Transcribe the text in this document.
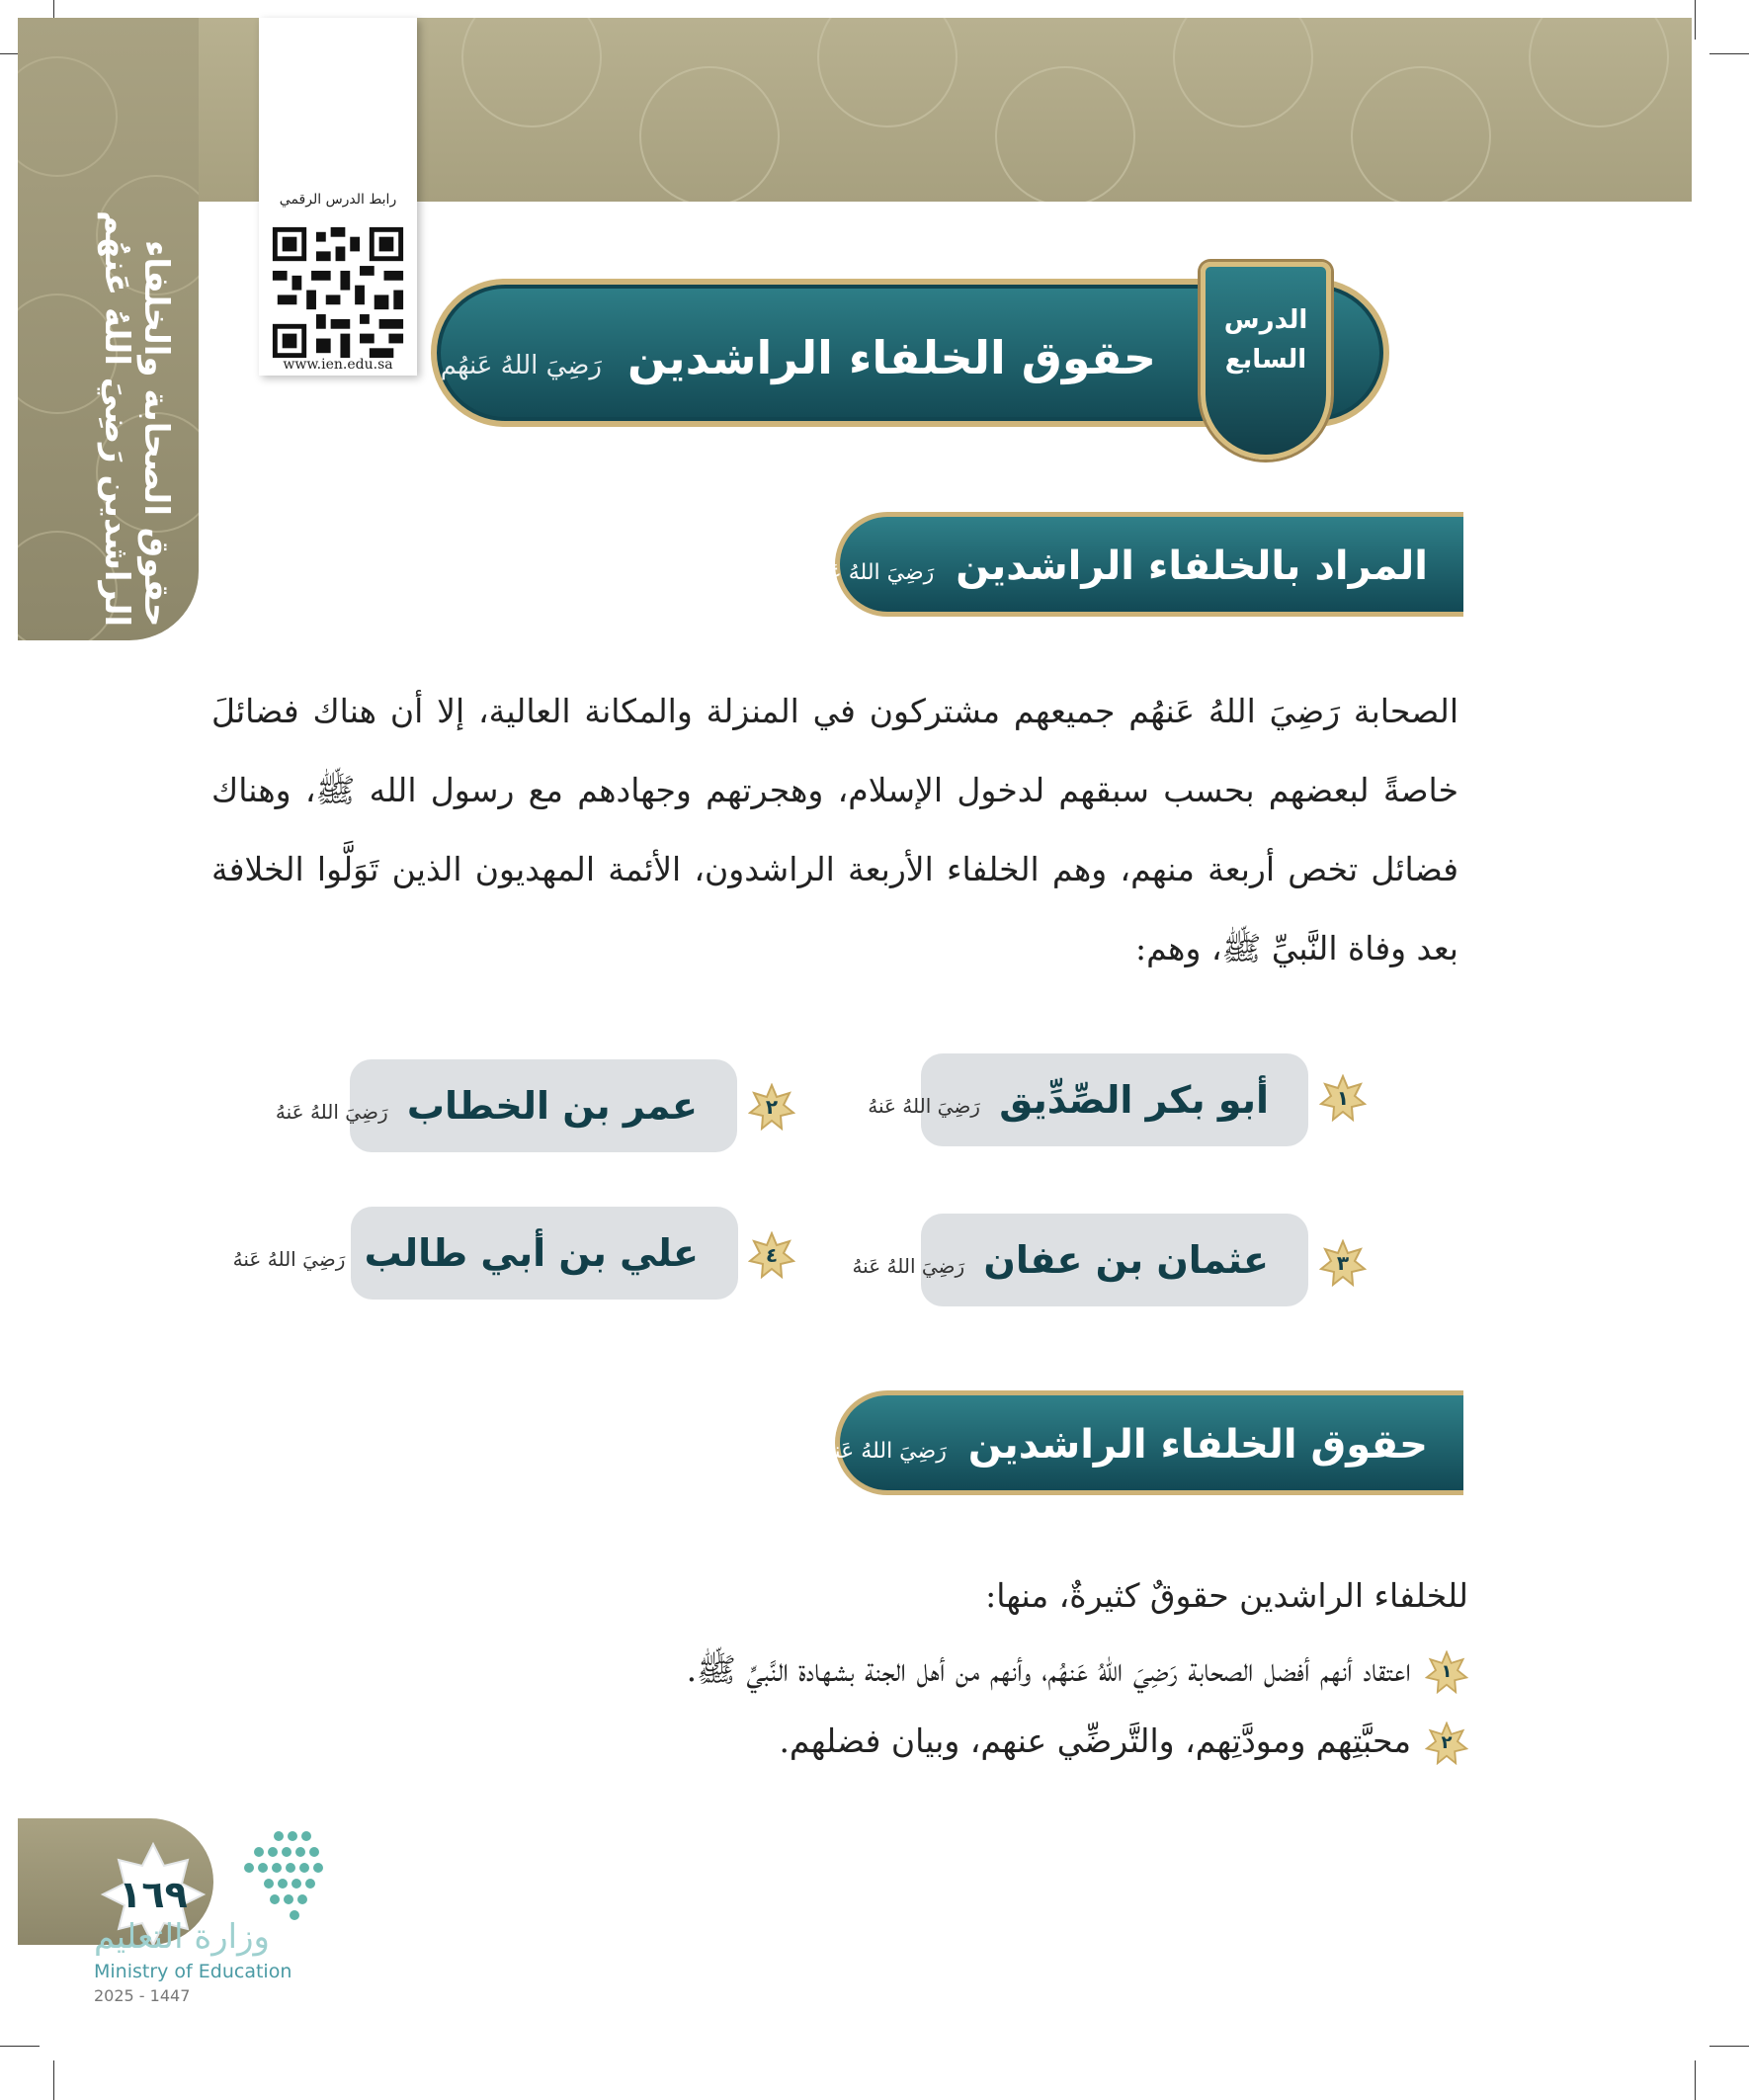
حقوق الصحابة والخلفاء
الراشدين رَضِيَ اللهُ عَنهُم
رابط الدرس الرقمي
www.ien.edu.sa	حقوق الخلفاء الراشدين رَضِيَ اللهُ عَنهُم
الدرس
السابع
المراد بالخلفاء الراشدين رَضِيَ اللهُ عَنهُم
الصحابة رَضِيَ اللهُ عَنهُم جميعهم مشتركون في المنزلة والمكانة العالية، إلا أن هناك فضائلَ خاصةً لبعضهم بحسب سبقهم لدخول الإسلام، وهجرتهم وجهادهم مع رسول الله ﷺ، وهناك فضائل تخص أربعة منهم، وهم الخلفاء الأربعة الراشدون، الأئمة المهديون الذين تَوَلَّوا الخلافة بعد وفاة النَّبيِّ ﷺ، وهم:
أبو بكر الصِّدِّيق رَضِيَ اللهُ عَنهُ	١
عمر بن الخطاب رَضِيَ اللهُ عَنهُ	٢
عثمان بن عفان رَضِيَ اللهُ عَنهُ	٣
علي بن أبي طالب رَضِيَ اللهُ عَنهُ	٤
حقوق الخلفاء الراشدين رَضِيَ اللهُ عَنهُم
للخلفاء الراشدين حقوقٌ كثيرةٌ، منها:
١
اعتقاد أنهم أفضل الصحابة رَضِيَ اللهُ عَنهُم، وأنهم من أهل الجنة بشهادة النَّبيِّ ﷺ.
٢
محبَّتِهم ومودَّتِهم، والتَّرضِّي عنهم، وبيان فضلهم.
١٦٩
وزارة التعليم
Ministry of Education
2025 - 1447
